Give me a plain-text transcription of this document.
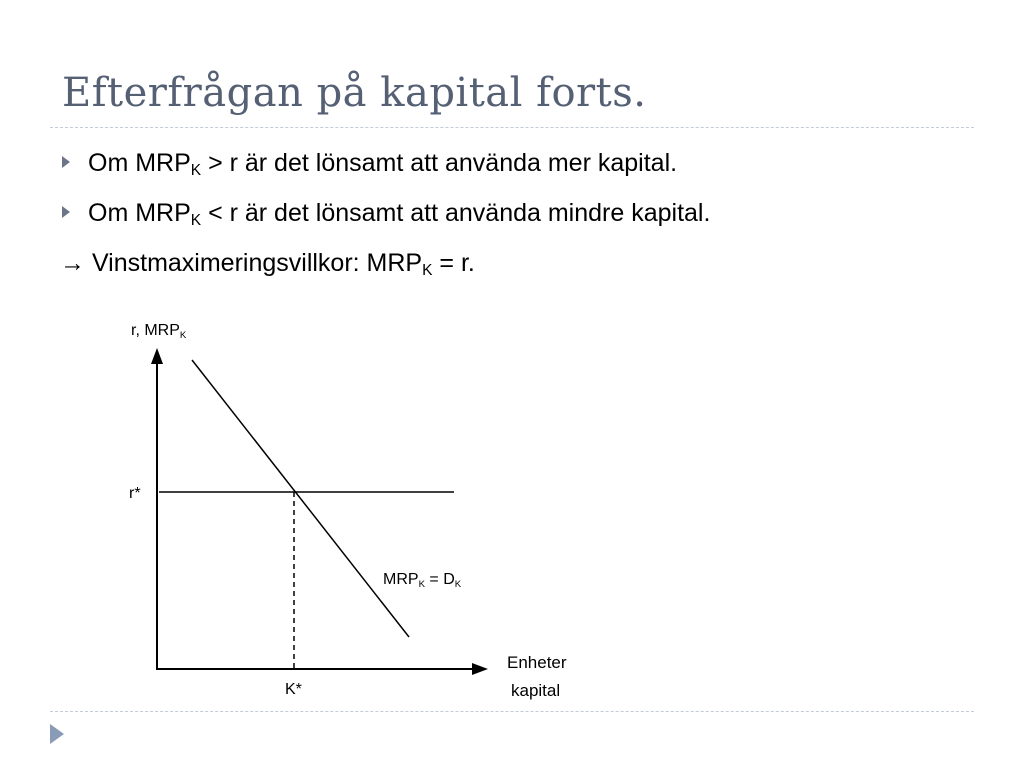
Efterfrågan på kapital forts.
Om $MRP_K > r$ är det lönsamt att använda mer kapital.
Om $MRP_K < r$ är det lönsamt att använda mindre kapital.
→ Vinstmaximeringsvillkor: $MRP_K = r$.
r, $MRP_K$
r*
K*
$MRP_K = D_K$
Enheter
kapital
